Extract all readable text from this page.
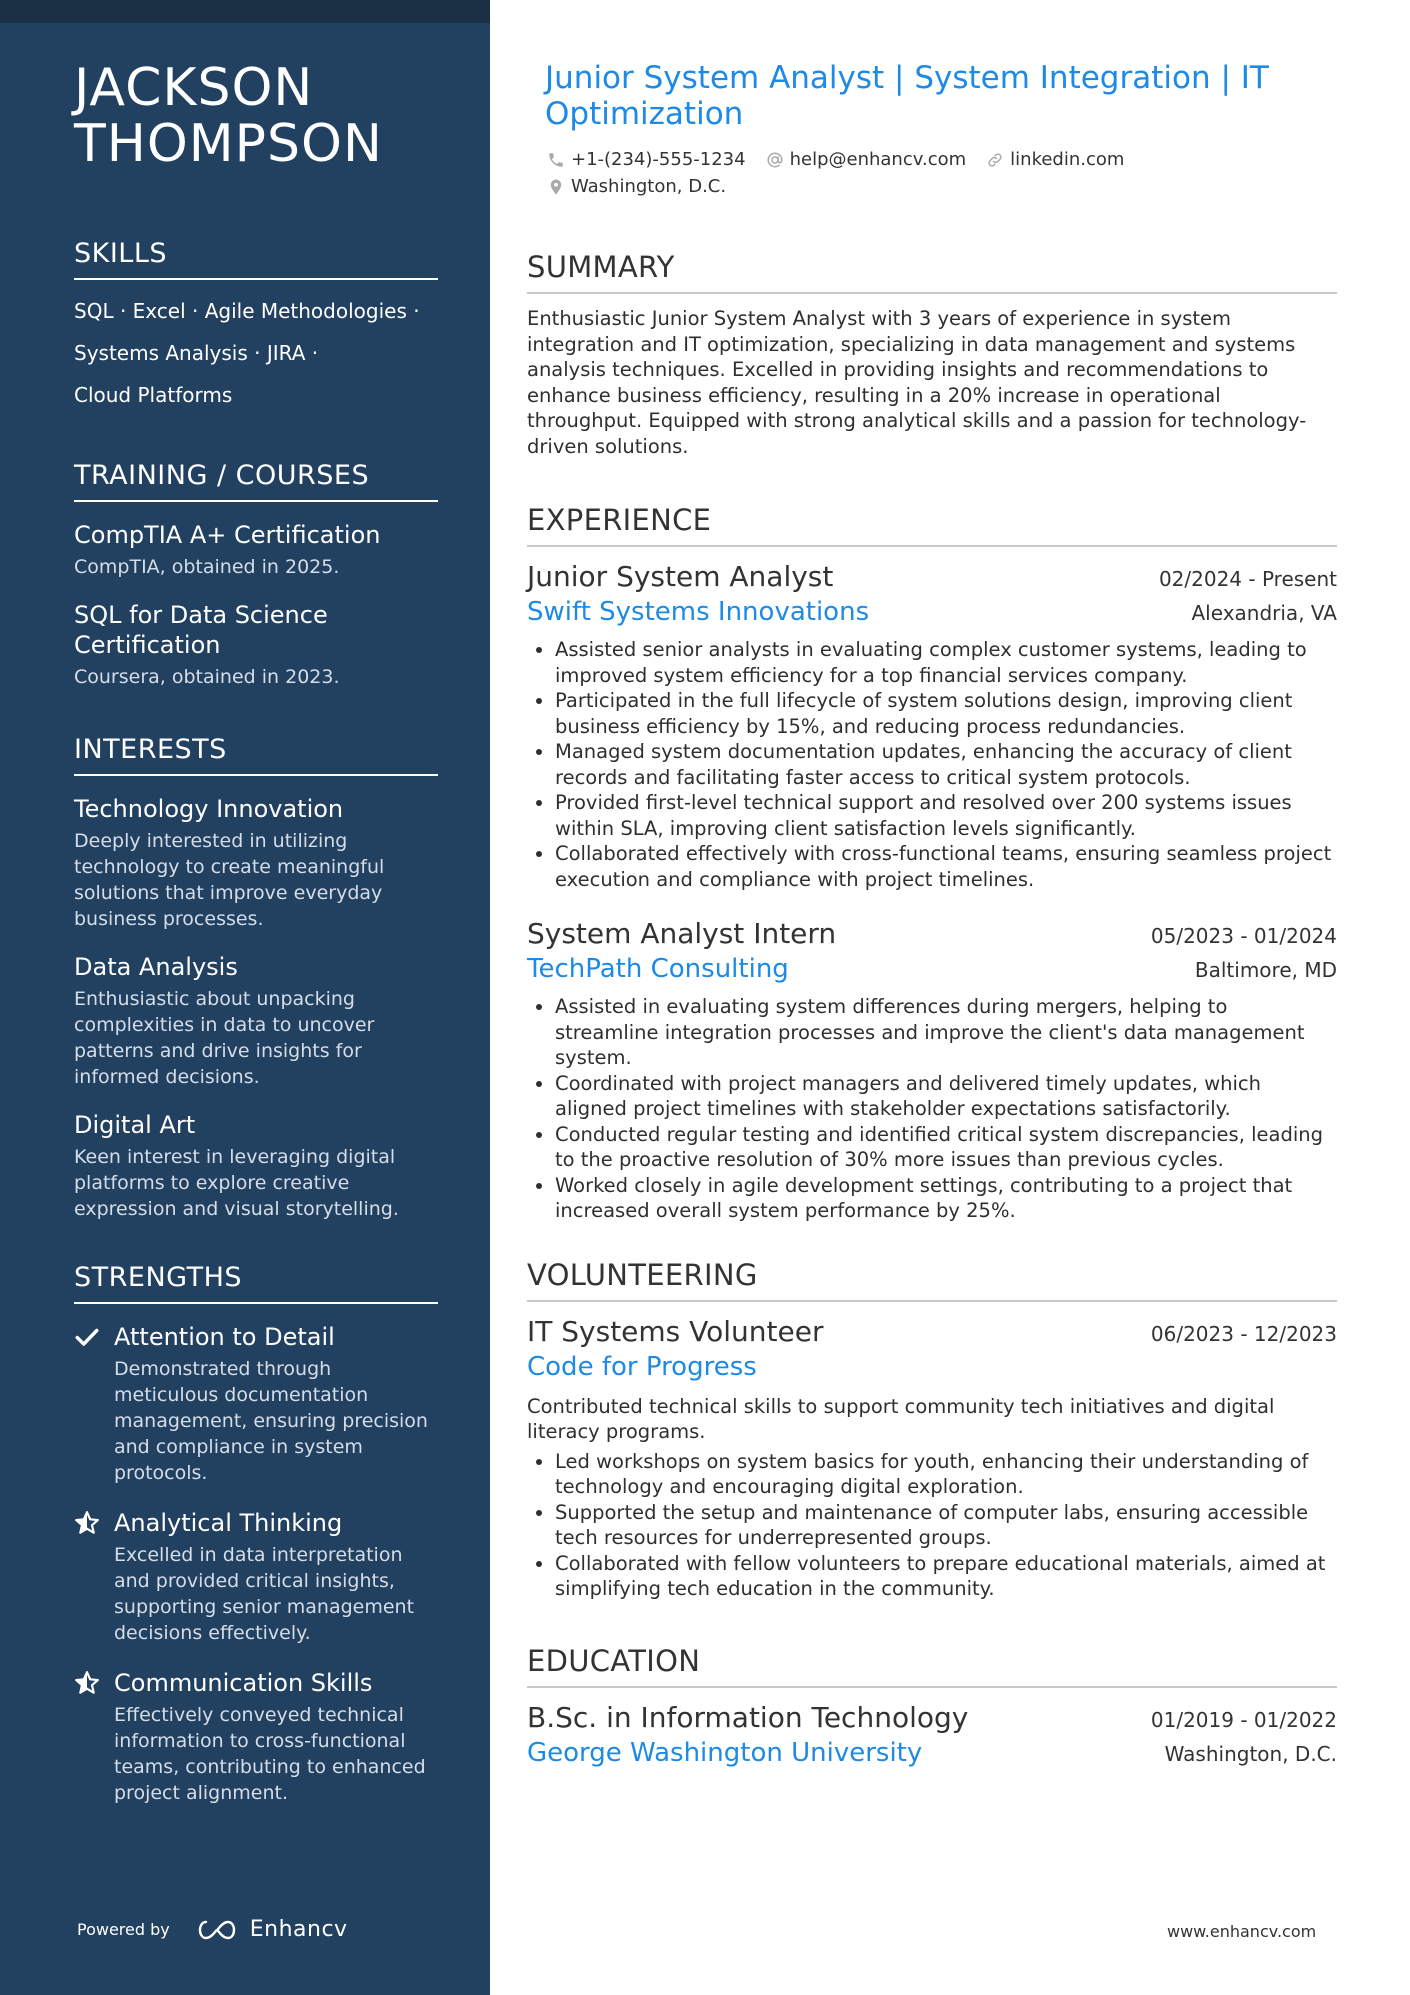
JACKSON
THOMPSON
SKILLS
SQL · Excel · Agile Methodologies ·
Systems Analysis · JIRA ·
Cloud Platforms
TRAINING / COURSES

CompTIA A+ Certification

CompTIA, obtained in 2025.

SQL for Data Science
Certification

Coursera, obtained in 2023.

INTERESTS

Technology Innovation

Deeply interested in utilizing technology to create meaningful solutions that improve everyday business processes.

Data Analysis

Enthusiastic about unpacking complexities in data to uncover patterns and drive insights for informed decisions.

Digital Art

Keen interest in leveraging digital platforms to explore creative expression and visual storytelling.

STRENGTHS

Attention to Detail

Demonstrated through meticulous documentation management, ensuring precision and compliance in system protocols.

Analytical Thinking

Excelled in data interpretation and provided critical insights, supporting senior management decisions effectively.

Communication Skills

Effectively conveyed technical information to cross-functional teams, contributing to enhanced project alignment.

Powered by	Enhancv
Junior System Analyst | System Integration | IT
Optimization
+1-(234)-555-1234 help@enhancv.com linkedin.com
Washington, D.C.
SUMMARY

Enthusiastic Junior System Analyst with 3 years of experience in system integration and IT optimization, specializing in data management and systems analysis techniques. Excelled in providing insights and recommendations to enhance business efficiency, resulting in a 20% increase in operational throughput. Equipped with strong analytical skills and a passion for technology-driven solutions.

EXPERIENCE
Junior System Analyst	02/2024 - Present
Swift Systems Innovations	Alexandria, VA
• Assisted senior analysts in evaluating complex customer systems, leading to improved system efficiency for a top financial services company.
• Participated in the full lifecycle of system solutions design, improving client business efficiency by 15%, and reducing process redundancies.
• Managed system documentation updates, enhancing the accuracy of client records and facilitating faster access to critical system protocols.
• Provided first-level technical support and resolved over 200 systems issues within SLA, improving client satisfaction levels significantly.
• Collaborated effectively with cross-functional teams, ensuring seamless project execution and compliance with project timelines.
System Analyst Intern	05/2023 - 01/2024
TechPath Consulting	Baltimore, MD
• Assisted in evaluating system differences during mergers, helping to streamline integration processes and improve the client's data management system.
• Coordinated with project managers and delivered timely updates, which aligned project timelines with stakeholder expectations satisfactorily.
• Conducted regular testing and identified critical system discrepancies, leading to the proactive resolution of 30% more issues than previous cycles.
• Worked closely in agile development settings, contributing to a project that increased overall system performance by 25%.
VOLUNTEERING
IT Systems Volunteer	06/2023 - 12/2023
Code for Progress

Contributed technical skills to support community tech initiatives and digital literacy programs.

• Led workshops on system basics for youth, enhancing their understanding of technology and encouraging digital exploration.
• Supported the setup and maintenance of computer labs, ensuring accessible tech resources for underrepresented groups.
• Collaborated with fellow volunteers to prepare educational materials, aimed at simplifying tech education in the community.
EDUCATION
B.Sc. in Information Technology	01/2019 - 01/2022
George Washington University	Washington, D.C.
www.enhancv.com
